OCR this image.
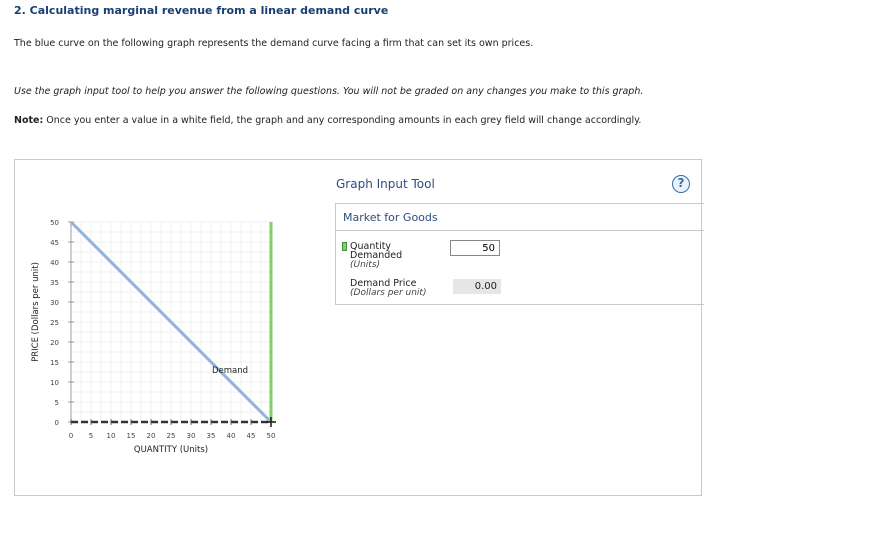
2. Calculating marginal revenue from a linear demand curve
The blue curve on the following graph represents the demand curve facing a firm that can set its own prices.
Use the graph input tool to help you answer the following questions. You will not be graded on any changes you make to this graph.
Note: Once you enter a value in a white field, the graph and any corresponding amounts in each grey field will change accordingly.
0
5
10
15
20
25
30
35
40
45
50
0 5 10 15 20 25 30 35 40 45 50
PRICE (Dollars per unit)
QUANTITY (Units)
Demand
Graph Input Tool	?
Market for Goods
Quantity
Demanded
(Units)
50
Demand Price
(Dollars per unit)
0.00
